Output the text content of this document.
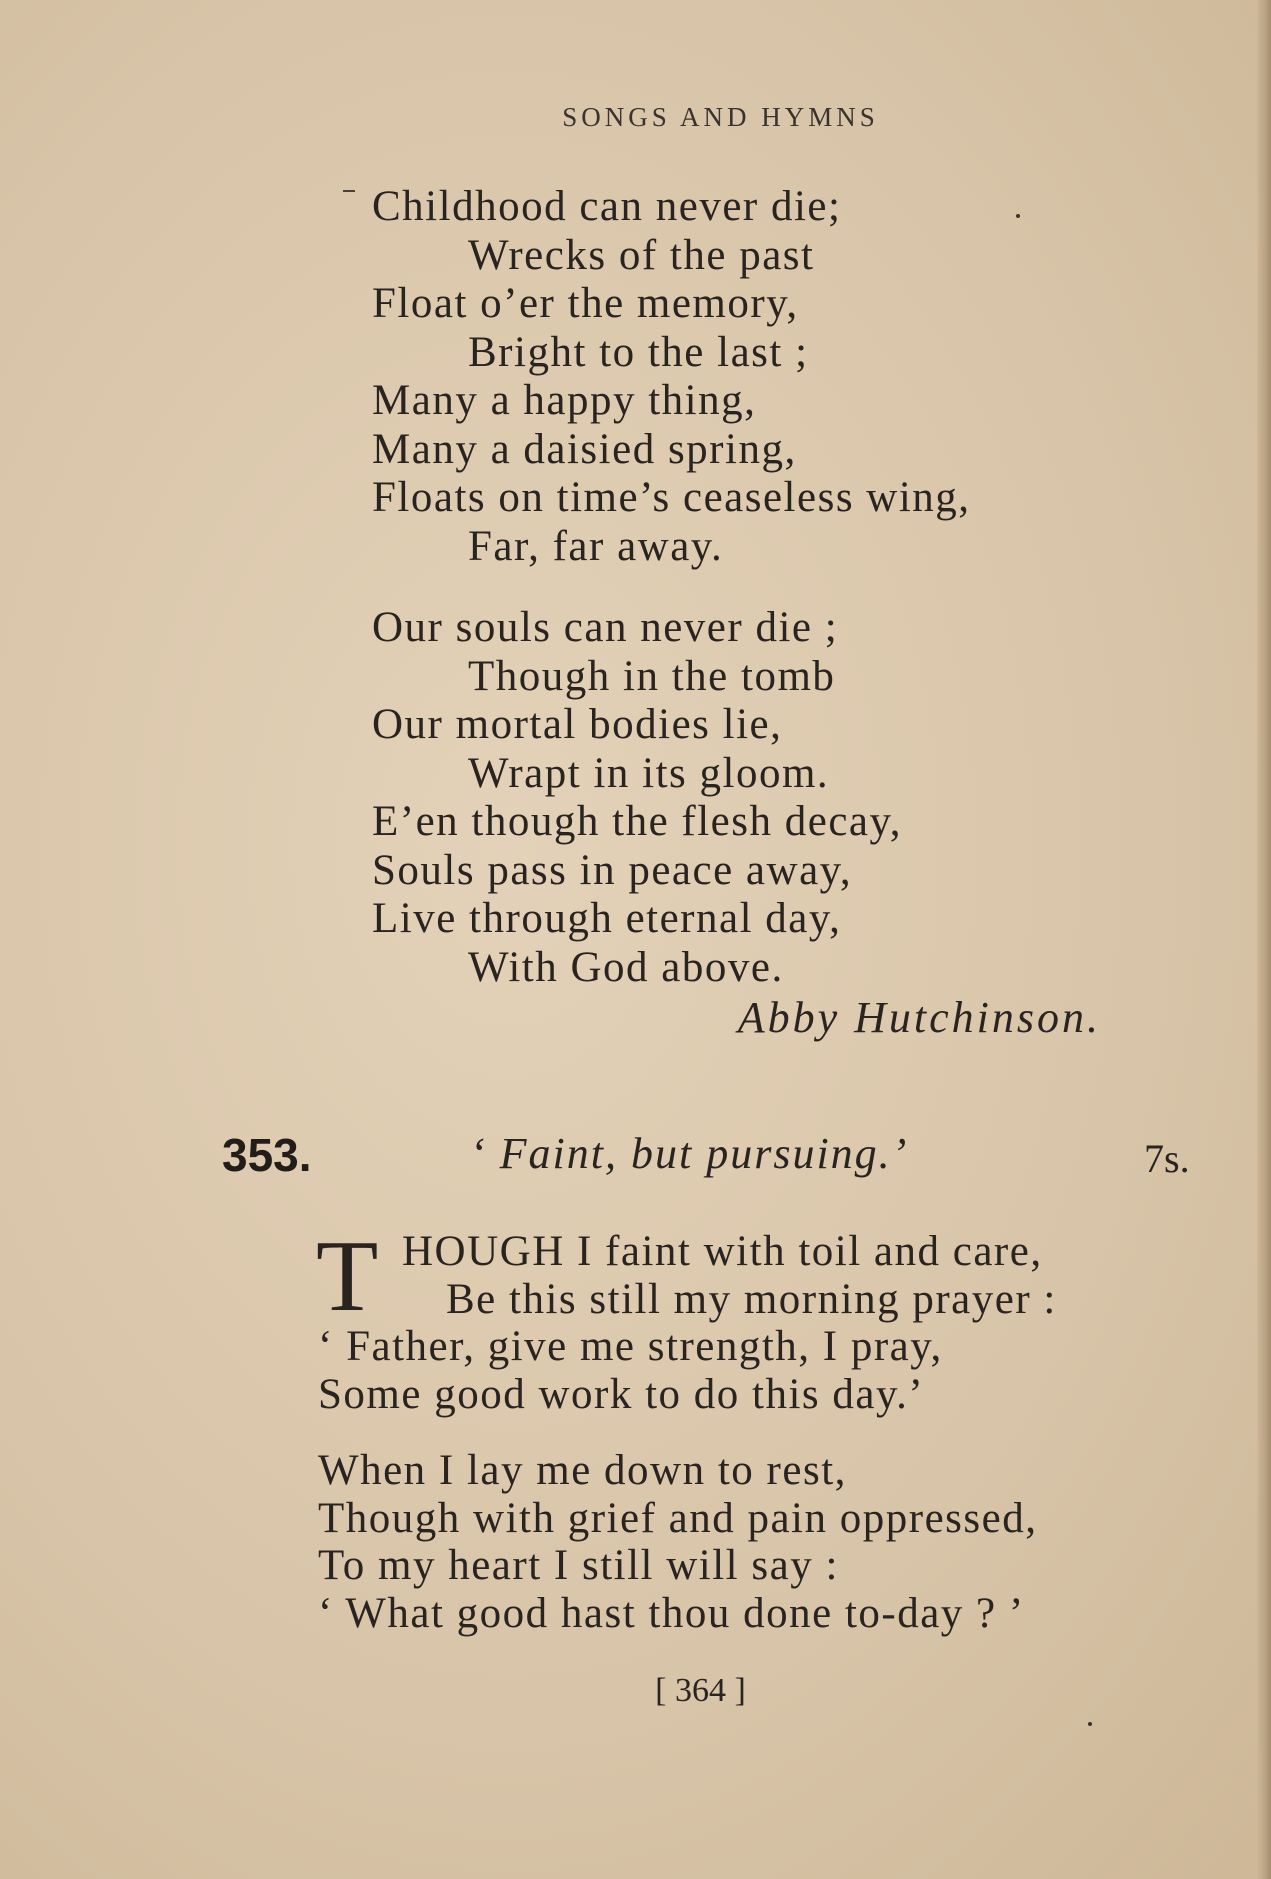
SONGS AND HYMNS
Childhood can never die;
Wrecks of the past
Float o’er the memory,
Bright to the last ;
Many a happy thing,
Many a daisied spring,
Floats on time’s ceaseless wing,
Far, far away.
Our souls can never die ;
Though in the tomb
Our mortal bodies lie,
Wrapt in its gloom.
E’en though the flesh decay,
Souls pass in peace away,
Live through eternal day,
With God above.
Abby Hutchinson.
353.	‘ Faint, but pursuing.’	7s.
T HOUGH I faint with toil and care,
Be this still my morning prayer :
‘ Father, give me strength, I pray,
Some good work to do this day.’
When I lay me down to rest,
Though with grief and pain oppressed,
To my heart I still will say :
‘ What good hast thou done to-day ? ’
[ 364 ]
